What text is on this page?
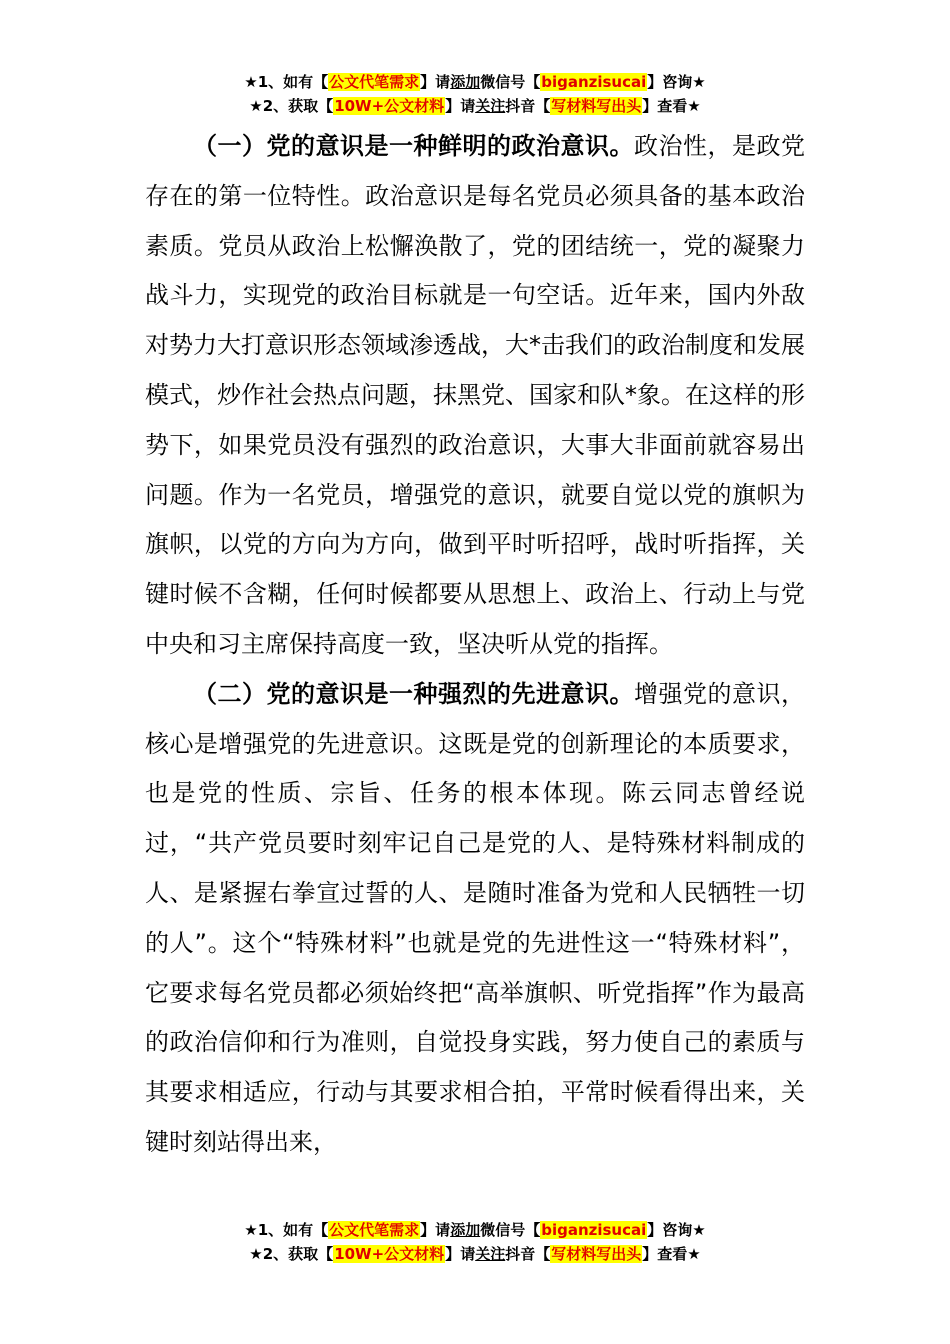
★1、如有【公文代笔需求】请添加微信号【biganzisucai】咨询★
★2、获取【10W+公文材料】请关注抖音【写材料写出头】查看★

（一）党的意识是一种鲜明的政治意识。政治性，是政党存在的第一位特性。政治意识是每名党员必须具备的基本政治素质。党员从政治上松懈涣散了，党的团结统一，党的凝聚力战斗力，实现党的政治目标就是一句空话。近年来，国内外敌对势力大打意识形态领域渗透战，大*击我们的政治制度和发展模式，炒作社会热点问题，抹黑党、国家和队*象。在这样的形势下，如果党员没有强烈的政治意识，大事大非面前就容易出问题。作为一名党员，增强党的意识，就要自觉以党的旗帜为旗帜，以党的方向为方向，做到平时听招呼，战时听指挥，关键时候不含糊，任何时候都要从思想上、政治上、行动上与党中央和习主席保持高度一致，坚决听从党的指挥。

（二）党的意识是一种强烈的先进意识。增强党的意识，核心是增强党的先进意识。这既是党的创新理论的本质要求，也是党的性质、宗旨、任务的根本体现。陈云同志曾经说过，“共产党员要时刻牢记自己是党的人、是特殊材料制成的人、是紧握右拳宣过誓的人、是随时准备为党和人民牺牲一切的人”。这个“特殊材料”也就是党的先进性这一“特殊材料”，它要求每名党员都必须始终把“高举旗帜、听党指挥”作为最高的政治信仰和行为准则，自觉投身实践，努力使自己的素质与其要求相适应，行动与其要求相合拍，平常时候看得出来，关键时刻站得出来，

★1、如有【公文代笔需求】请添加微信号【biganzisucai】咨询★
★2、获取【10W+公文材料】请关注抖音【写材料写出头】查看★
